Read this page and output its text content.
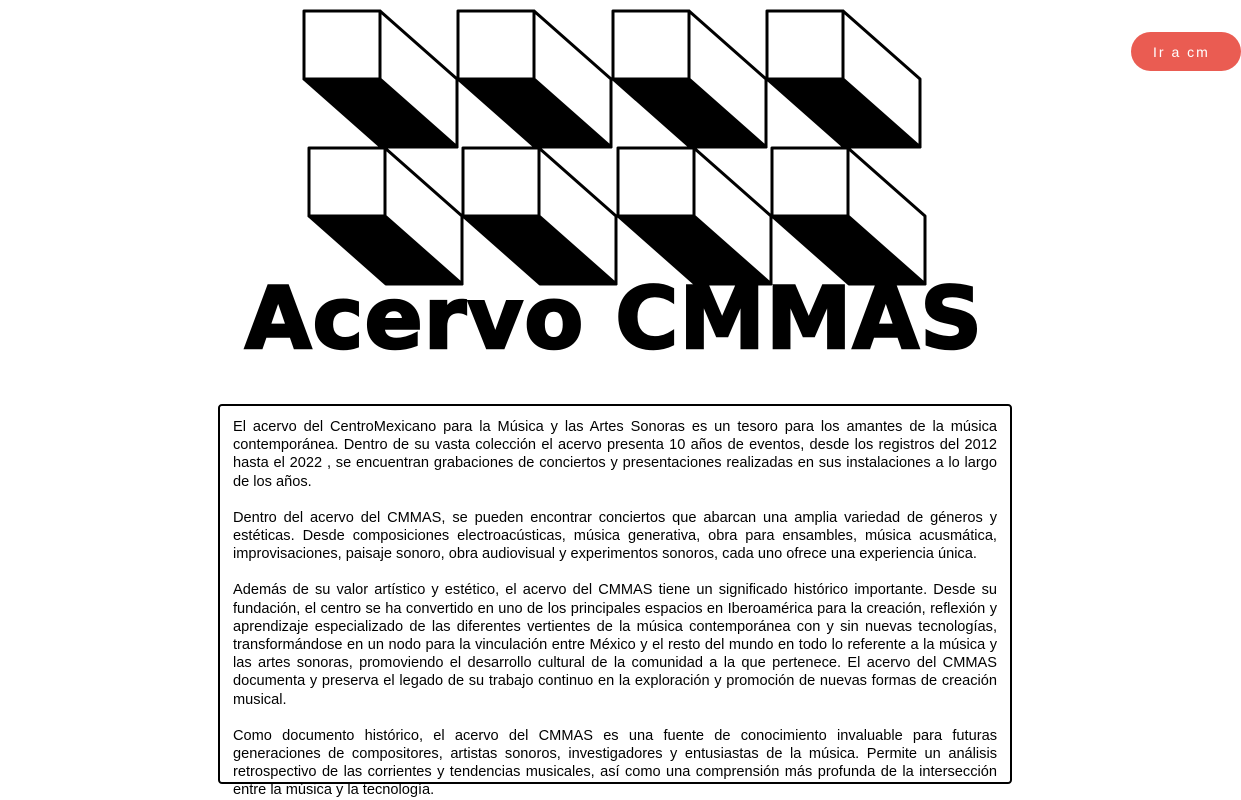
Acervo CMMAS
Ir a cm

El acervo del CentroMexicano para la Música y las Artes Sonoras es un tesoro para los amantes de la música contemporánea. Dentro de su vasta colección el acervo presenta 10 años de eventos, desde los registros del 2012 hasta el 2022 , se encuentran grabaciones de conciertos y presentaciones realizadas en sus instalaciones a lo largo de los años.

Dentro del acervo del CMMAS, se pueden encontrar conciertos que abarcan una amplia variedad de géneros y estéticas. Desde composiciones electroacústicas, música generativa, obra para ensambles, música acusmática, improvisaciones, paisaje sonoro, obra audiovisual y experimentos sonoros, cada uno ofrece una experiencia única.

Además de su valor artístico y estético, el acervo del CMMAS tiene un significado histórico importante. Desde su fundación, el centro se ha convertido en uno de los principales espacios en Iberoamérica para la creación, reflexión y aprendizaje especializado de las diferentes vertientes de la música contemporánea con y sin nuevas tecnologías, transformándose en un nodo para la vinculación entre México y el resto del mundo en todo lo referente a la música y las artes sonoras, promoviendo el desarrollo cultural de la comunidad a la que pertenece. El acervo del CMMAS documenta y preserva el legado de su trabajo continuo en la exploración y promoción de nuevas formas de creación musical.

Como documento histórico, el acervo del CMMAS es una fuente de conocimiento invaluable para futuras generaciones de compositores, artistas sonoros, investigadores y entusiastas de la música. Permite un análisis retrospectivo de las corrientes y tendencias musicales, así como una comprensión más profunda de la intersección entre la música y la tecnología.
